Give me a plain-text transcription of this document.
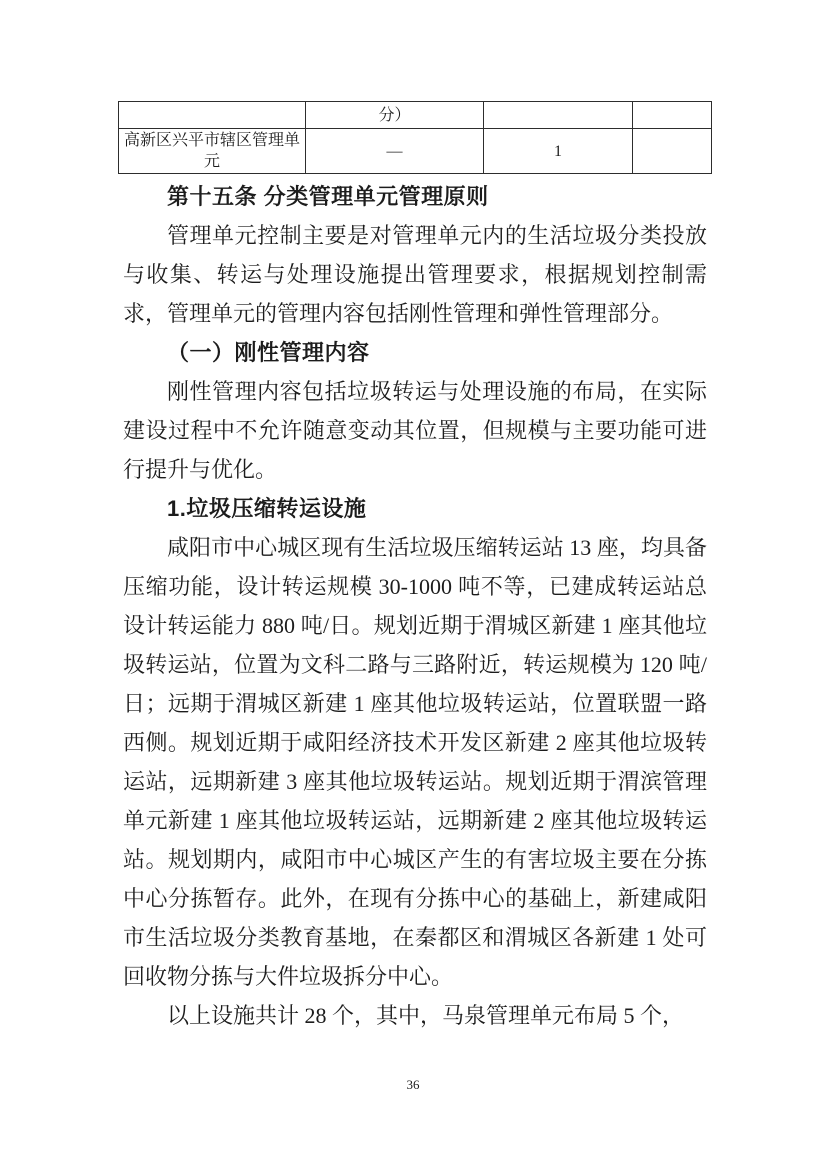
	分）		
高新区兴平市辖区管理单元	—	1	
第十五条 分类管理单元管理原则

管理单元控制主要是对管理单元内的生活垃圾分类投放与收集、转运与处理设施提出管理要求，根据规划控制需求，管理单元的管理内容包括刚性管理和弹性管理部分。

（一）刚性管理内容

刚性管理内容包括垃圾转运与处理设施的布局，在实际建设过程中不允许随意变动其位置，但规模与主要功能可进行提升与优化。

1.垃圾压缩转运设施

咸阳市中心城区现有生活垃圾压缩转运站 13 座，均具备压缩功能，设计转运规模 30-1000 吨不等，已建成转运站总设计转运能力 880 吨/日。规划近期于渭城区新建 1 座其他垃圾转运站，位置为文科二路与三路附近，转运规模为 120 吨/日；远期于渭城区新建 1 座其他垃圾转运站，位置联盟一路西侧。规划近期于咸阳经济技术开发区新建 2 座其他垃圾转运站，远期新建 3 座其他垃圾转运站。规划近期于渭滨管理单元新建 1 座其他垃圾转运站，远期新建 2 座其他垃圾转运站。规划期内，咸阳市中心城区产生的有害垃圾主要在分拣中心分拣暂存。此外，在现有分拣中心的基础上，新建咸阳市生活垃圾分类教育基地，在秦都区和渭城区各新建 1 处可回收物分拣与大件垃圾拆分中心。

以上设施共计 28 个，其中，马泉管理单元布局 5 个，

36
